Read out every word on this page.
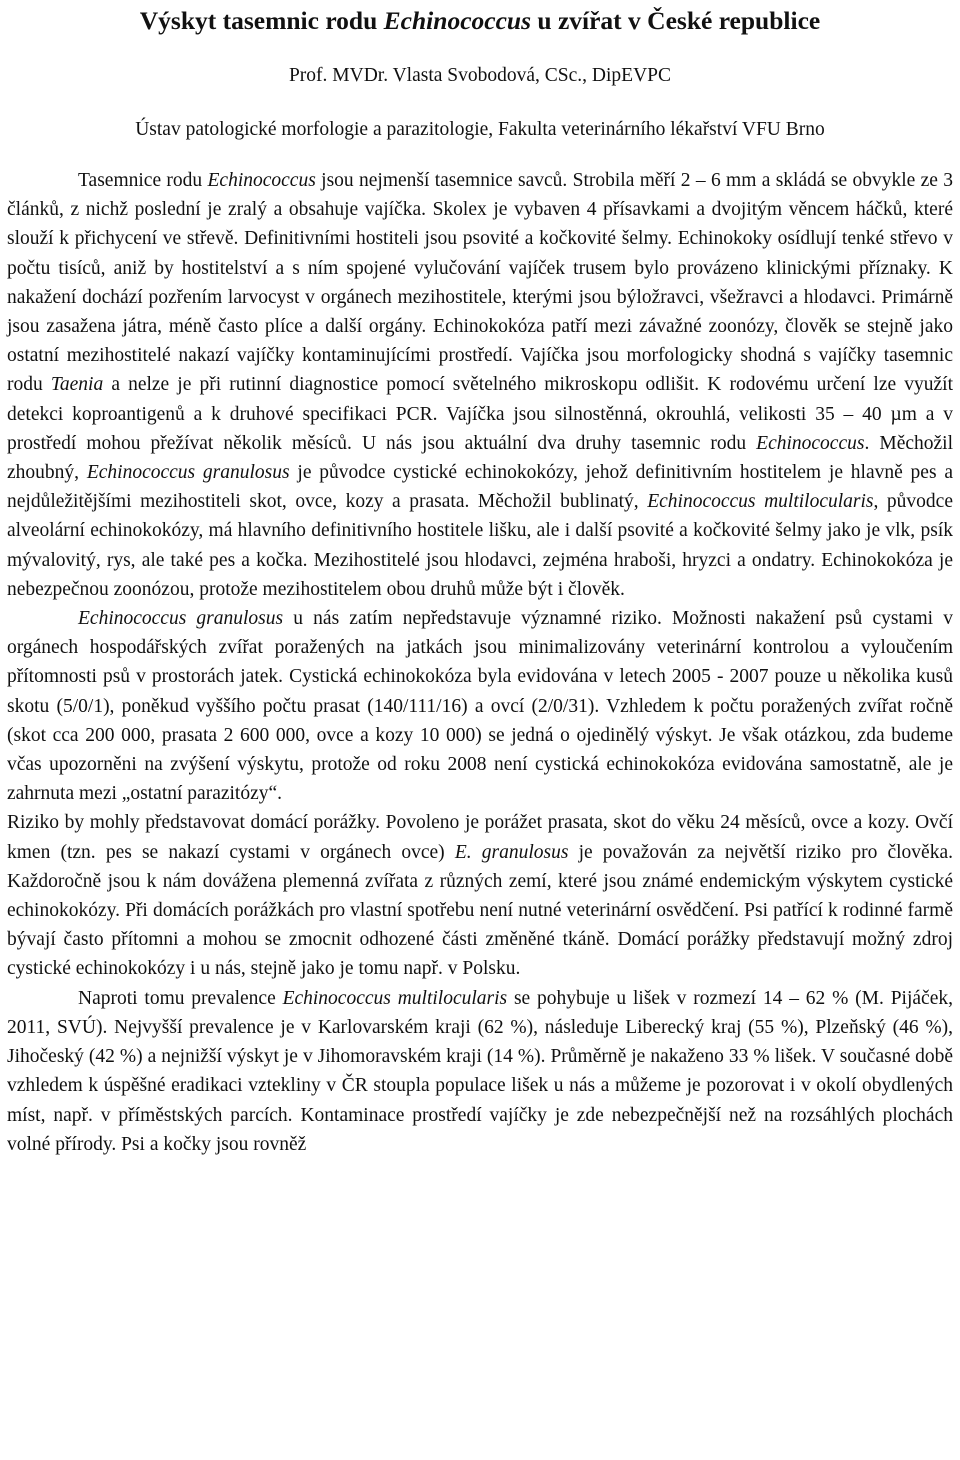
Výskyt tasemnic rodu Echinococcus u zvířat v České republice
Prof. MVDr. Vlasta Svobodová, CSc., DipEVPC
Ústav patologické morfologie a parazitologie, Fakulta veterinárního lékařství VFU Brno

Tasemnice rodu Echinococcus jsou nejmenší tasemnice savců. Strobila měří 2 – 6 mm a skládá se obvykle ze 3 článků, z nichž poslední je zralý a obsahuje vajíčka. Skolex je vybaven 4 přísavkami a dvojitým věncem háčků, které slouží k přichycení ve střevě. Definitivními hostiteli jsou psovité a kočkovité šelmy. Echinokoky osídlují tenké střevo v počtu tisíců, aniž by hostitelství a s ním spojené vylučování vajíček trusem bylo provázeno klinickými příznaky. K nakažení dochází pozřením larvocyst v orgánech mezihostitele, kterými jsou býložravci, všežravci a hlodavci. Primárně jsou zasažena játra, méně často plíce a další orgány. Echinokokóza patří mezi závažné zoonózy, člověk se stejně jako ostatní mezihostitelé nakazí vajíčky kontaminujícími prostředí. Vajíčka jsou morfologicky shodná s vajíčky tasemnic rodu Taenia a nelze je při rutinní diagnostice pomocí světelného mikroskopu odlišit. K rodovému určení lze využít detekci koproantigenů a k druhové specifikaci PCR. Vajíčka jsou silnostěnná, okrouhlá, velikosti 35 – 40 µm a v prostředí mohou přežívat několik měsíců. U nás jsou aktuální dva druhy tasemnic rodu Echinococcus. Měchožil zhoubný, Echinococcus granulosus je původce cystické echinokokózy, jehož definitivním hostitelem je hlavně pes a nejdůležitějšími mezihostiteli skot, ovce, kozy a prasata. Měchožil bublinatý, Echinococcus multilocularis, původce alveolární echinokokózy, má hlavního definitivního hostitele lišku, ale i další psovité a kočkovité šelmy jako je vlk, psík mývalovitý, rys, ale také pes a kočka. Mezihostitelé jsou hlodavci, zejména hraboši, hryzci a ondatry. Echinokokóza je nebezpečnou zoonózou, protože mezihostitelem obou druhů může být i člověk.

Echinococcus granulosus u nás zatím nepředstavuje významné riziko. Možnosti nakažení psů cystami v orgánech hospodářských zvířat poražených na jatkách jsou minimalizovány veterinární kontrolou a vyloučením přítomnosti psů v prostorách jatek. Cystická echinokokóza byla evidována v letech 2005 - 2007 pouze u několika kusů skotu (5/0/1), poněkud vyššího počtu prasat (140/111/16) a ovcí (2/0/31). Vzhledem k počtu poražených zvířat ročně (skot cca 200 000, prasata 2 600 000, ovce a kozy 10 000) se jedná o ojedinělý výskyt. Je však otázkou, zda budeme včas upozorněni na zvýšení výskytu, protože od roku 2008 není cystická echinokokóza evidována samostatně, ale je zahrnuta mezi „ostatní parazitózy“.

Riziko by mohly představovat domácí porážky. Povoleno je porážet prasata, skot do věku 24 měsíců, ovce a kozy. Ovčí kmen (tzn. pes se nakazí cystami v orgánech ovce) E. granulosus je považován za největší riziko pro člověka. Každoročně jsou k nám dovážena plemenná zvířata z různých zemí, které jsou známé endemickým výskytem cystické echinokokózy. Při domácích porážkách pro vlastní spotřebu není nutné veterinární osvědčení. Psi patřící k rodinné farmě bývají často přítomni a mohou se zmocnit odhozené části změněné tkáně. Domácí porážky představují možný zdroj cystické echinokokózy i u nás, stejně jako je tomu např. v Polsku.

Naproti tomu prevalence Echinococcus multilocularis se pohybuje u lišek v rozmezí 14 – 62 % (M. Pijáček, 2011, SVÚ). Nejvyšší prevalence je v Karlovarském kraji (62 %), následuje Liberecký kraj (55 %), Plzeňský (46 %), Jihočeský (42 %) a nejnižší výskyt je v Jihomoravském kraji (14 %). Průměrně je nakaženo 33 % lišek. V současné době vzhledem k úspěšné eradikaci vztekliny v ČR stoupla populace lišek u nás a můžeme je pozorovat i v okolí obydlených míst, např. v příměstských parcích. Kontaminace prostředí vajíčky je zde nebezpečnější než na rozsáhlých plochách volné přírody. Psi a kočky jsou rovněž
